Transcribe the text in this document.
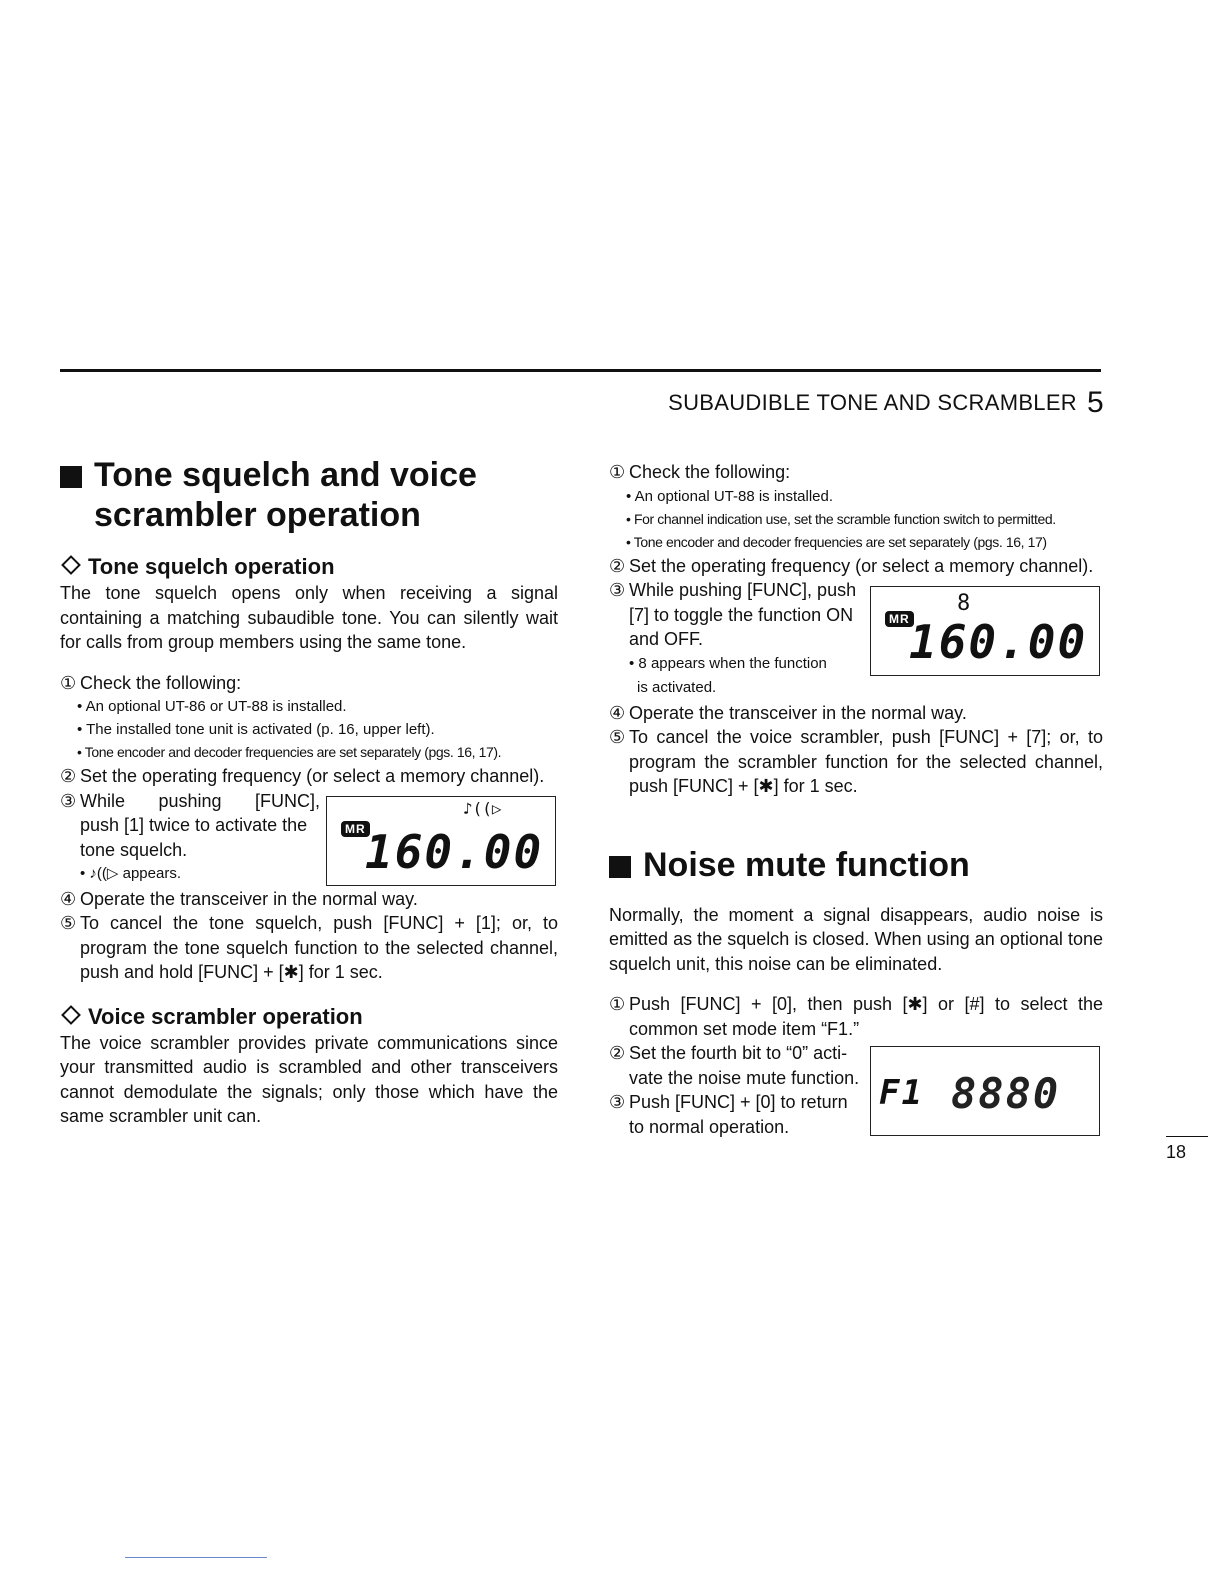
SUBAUDIBLE TONE AND SCRAMBLER 5
Tone squelch and voice
scrambler operation
Tone squelch operation

The tone squelch opens only when receiving a signal containing a matching subaudible tone. You can silently wait for calls from group members using the same tone.

① Check the following:
• An optional UT-86 or UT-88 is installed.
• The installed tone unit is activated (p. 16, upper left).
• Tone encoder and decoder frequencies are set separately (pgs. 16, 17).
② Set the operating frequency (or select a memory channel).
③ While pushing [FUNC],
push [1] twice to activate the
tone squelch.
• ♪((▷ appears.
④ Operate the transceiver in the normal way.
⑤ To cancel the tone squelch, push [FUNC] + [1]; or, to program the tone squelch function to the selected channel, push and hold [FUNC] + [✱] for 1 sec.
Voice scrambler operation

The voice scrambler provides private communications since your transmitted audio is scrambled and other transceivers cannot demodulate the signals; only those which have the same scrambler unit can.

MR
♪((▷
160.00
① Check the following:
• An optional UT-88 is installed.
• For channel indication use, set the scramble function switch to permitted.
• Tone encoder and decoder frequencies are set separately (pgs. 16, 17)
② Set the operating frequency (or select a memory channel).
③ While pushing [FUNC], push
[7] to toggle the function ON
and OFF.
• 8 appears when the function
is activated.
④ Operate the transceiver in the normal way.
⑤ To cancel the voice scrambler, push [FUNC] + [7]; or, to program the scrambler function for the selected channel, push [FUNC] + [✱] for 1 sec.
Noise mute function

Normally, the moment a signal disappears, audio noise is emitted as the squelch is closed. When using an optional tone squelch unit, this noise can be eliminated.

① Push [FUNC] + [0], then push [✱] or [#] to select the common set mode item “F1.”
② Set the fourth bit to “0” acti-
vate the noise mute function.
③ Push [FUNC] + [0] to return
to normal operation.
MR
8
160.00
F1 8880
18
